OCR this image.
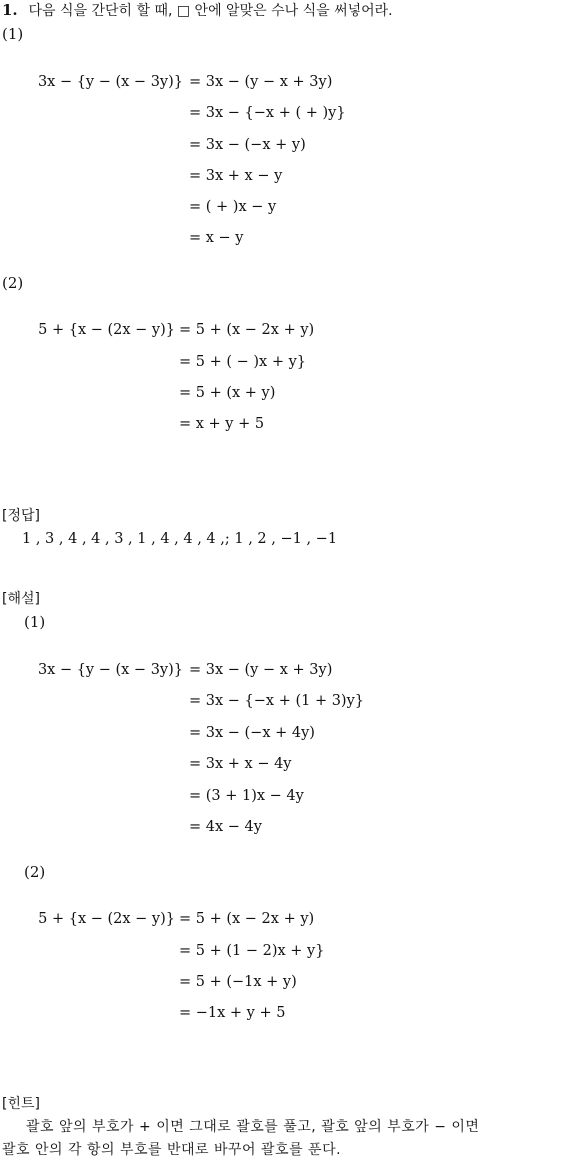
1. 다음 식을 간단히 할 때, □ 안에 알맞은 수나 식을 써넣어라.
(1)
3x − {y − (x − 3y)} = 3x − (y − x + 3y)
= 3x − {−x + ( + )y}
= 3x − (−x + y)
= 3x + x − y
= ( + )x − y
= x − y
(2)
5 + {x − (2x − y)} = 5 + (x − 2x + y)
= 5 + ( − )x + y}
= 5 + (x + y)
= x + y + 5
[정답]
1 , 3 , 4 , 4 , 3 , 1 , 4 , 4 , 4 ,; 1 , 2 , −1 , −1
[해설]
(1)
3x − {y − (x − 3y)} = 3x − (y − x + 3y)
= 3x − {−x + (1 + 3)y}
= 3x − (−x + 4y)
= 3x + x − 4y
= (3 + 1)x − 4y
= 4x − 4y
(2)
5 + {x − (2x − y)} = 5 + (x − 2x + y)
= 5 + (1 − 2)x + y}
= 5 + (−1x + y)
= −1x + y + 5
[힌트]
괄호 앞의 부호가 + 이면 그대로 괄호를 풀고, 괄호 앞의 부호가 − 이면
괄호 안의 각 항의 부호를 반대로 바꾸어 괄호를 푼다.
